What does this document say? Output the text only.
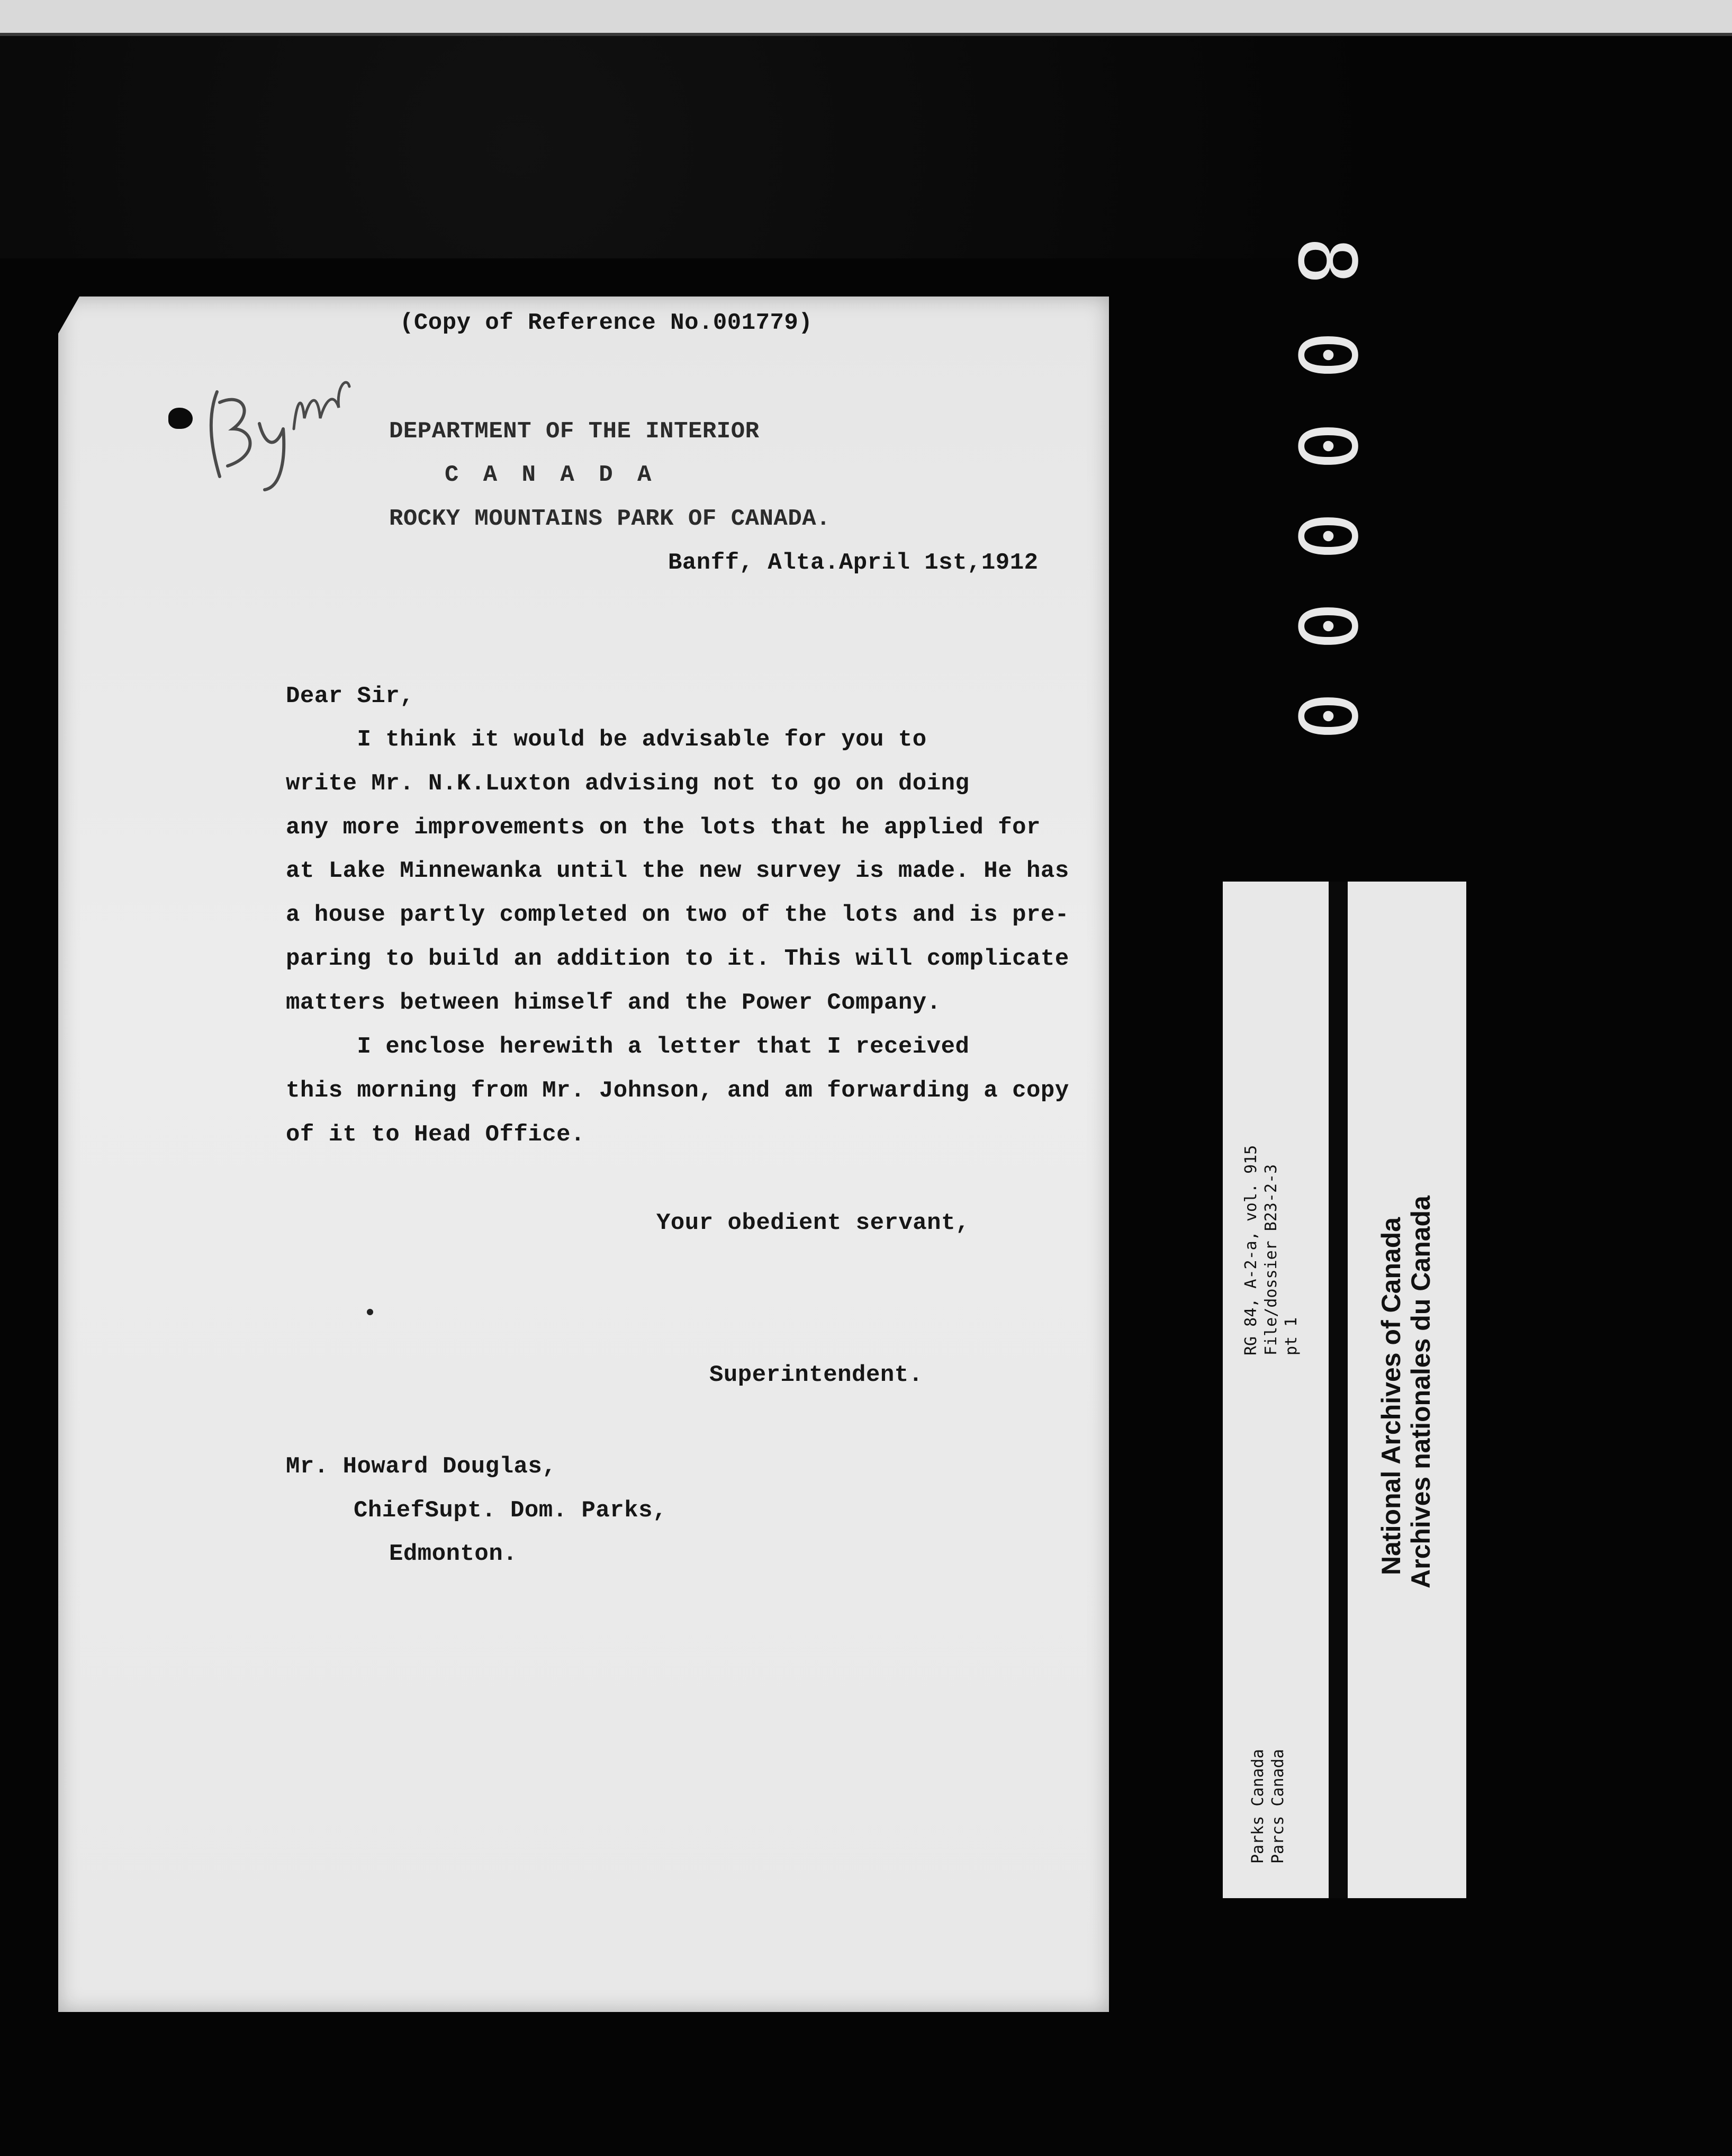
(Copy of Reference No.001779)
DEPARTMENT OF THE INTERIOR
C A N A D A
ROCKY MOUNTAINS PARK OF CANADA.
Banff, Alta.April 1st,1912
Dear Sir,
I think it would be advisable for you to
write Mr. N.K.Luxton advising not to go on doing
any more improvements on the lots that he applied for
at Lake Minnewanka until the new survey is made. He has
a house partly completed on two of the lots and is pre-
paring to build an addition to it. This will complicate
matters between himself and the Power Company.
I enclose herewith a letter that I received
this morning from Mr. Johnson, and am forwarding a copy
of it to Head Office.
Your obedient servant,
Superintendent.
Mr. Howard Douglas,
ChiefSupt. Dom. Parks,
Edmonton.
8
0
0
0
0
0
RG 84, A-2-a, vol. 915 File/dossier B23-2-3 pt 1
Parks Canada Parcs Canada
National Archives of Canada Archives nationales du Canada
